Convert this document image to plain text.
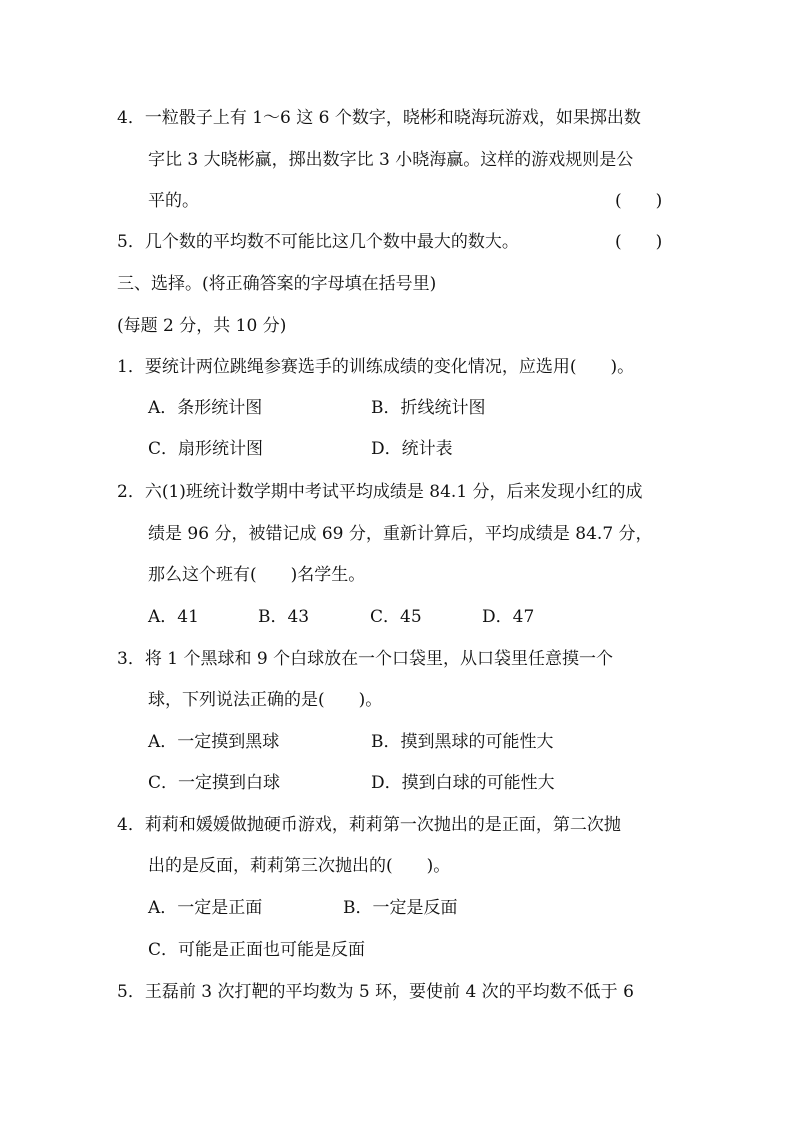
4．一粒骰子上有 1～6 这 6 个数字，晓彬和晓海玩游戏，如果掷出数
字比 3 大晓彬赢，掷出数字比 3 小晓海赢。这样的游戏规则是公
平的。	(　　)
5．几个数的平均数不可能比这几个数中最大的数大。	(　　)
三、选择。(将正确答案的字母填在括号里)
(每题 2 分，共 10 分)
1．要统计两位跳绳参赛选手的训练成绩的变化情况，应选用(　　)。
A．条形统计图	B．折线统计图
C．扇形统计图	D．统计表
2．六(1)班统计数学期中考试平均成绩是 84.1 分，后来发现小红的成
绩是 96 分，被错记成 69 分，重新计算后，平均成绩是 84.7 分，
那么这个班有(　　)名学生。
A．41	B．43	C．45	D．47
3．将 1 个黑球和 9 个白球放在一个口袋里，从口袋里任意摸一个
球，下列说法正确的是(　　)。
A．一定摸到黑球	B．摸到黑球的可能性大
C．一定摸到白球	D．摸到白球的可能性大
4．莉莉和媛媛做抛硬币游戏，莉莉第一次抛出的是正面，第二次抛
出的是反面，莉莉第三次抛出的(　　)。
A．一定是正面	B．一定是反面
C．可能是正面也可能是反面
5．王磊前 3 次打靶的平均数为 5 环，要使前 4 次的平均数不低于 6
